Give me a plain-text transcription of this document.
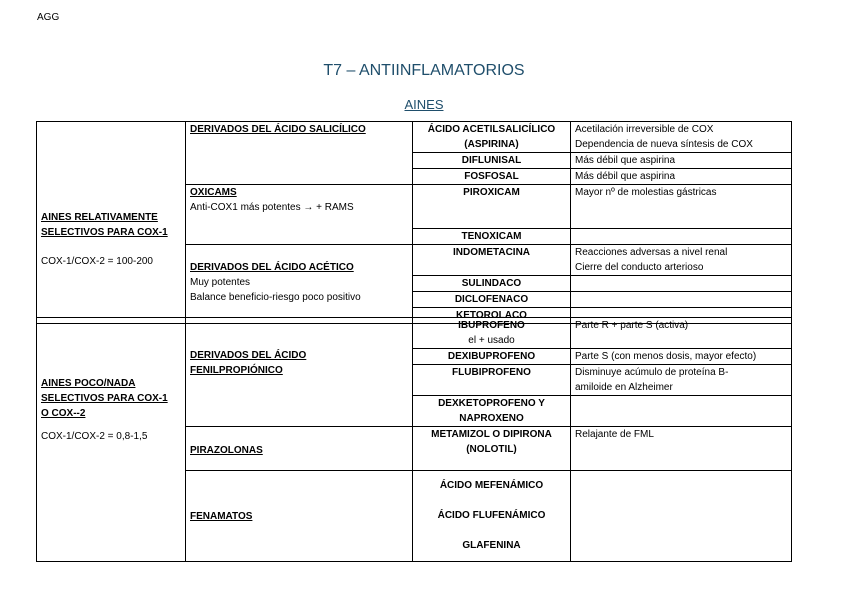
AGG
T7 – ANTIINFLAMATORIOS
AINES
AINES RELATIVAMENTE
SELECTIVOS PARA COX-1
COX-1/COX-2 = 100-200	DERIVADOS DEL ÁCIDO SALICÍLICO	ÁCIDO ACETILSALICÍLICO
(ASPIRINA)	Acetilación irreversible de COX
Dependencia de nueva síntesis de COX

		DIFLUNISAL	Más débil que aspirina
		FOSFOSAL	Más débil que aspirina

	OXICAMS
Anti-COX1 más potentes → + RAMS	PIROXICAM	Mayor nº de molestias gástricas
		TENOXICAM	

	DERIVADOS DEL ÁCIDO ACÉTICO
Muy potentes
Balance beneficio-riesgo poco positivo	INDOMETACINA	Reacciones adversas a nivel renal
Cierre del conducto arterioso

		SULINDACO	
		DICLOFENACO	
		KETOROLACO	
AINES POCO/NADA
SELECTIVOS PARA COX-1
O COX--2
COX-1/COX-2 = 0,8-1,5	DERIVADOS DEL ÁCIDO
FENILPROPIÓNICO	IBUPROFENO
el + usado	Parte R + parte S (activa)
		DEXIBUPROFENO	Parte S (con menos dosis, mayor efecto)
		FLUBIPROFENO	Disminuye acúmulo de proteína B-
amiloide en Alzheimer

		DEXKETOPROFENO Y
NAPROXENO	

	PIRAZOLONAS	METAMIZOL O DIPIRONA
(NOLOTIL)	Relajante de FML
	FENAMATOS	ÁCIDO MEFENÁMICO
ÁCIDO FLUFENÁMICO
GLAFENINA	
